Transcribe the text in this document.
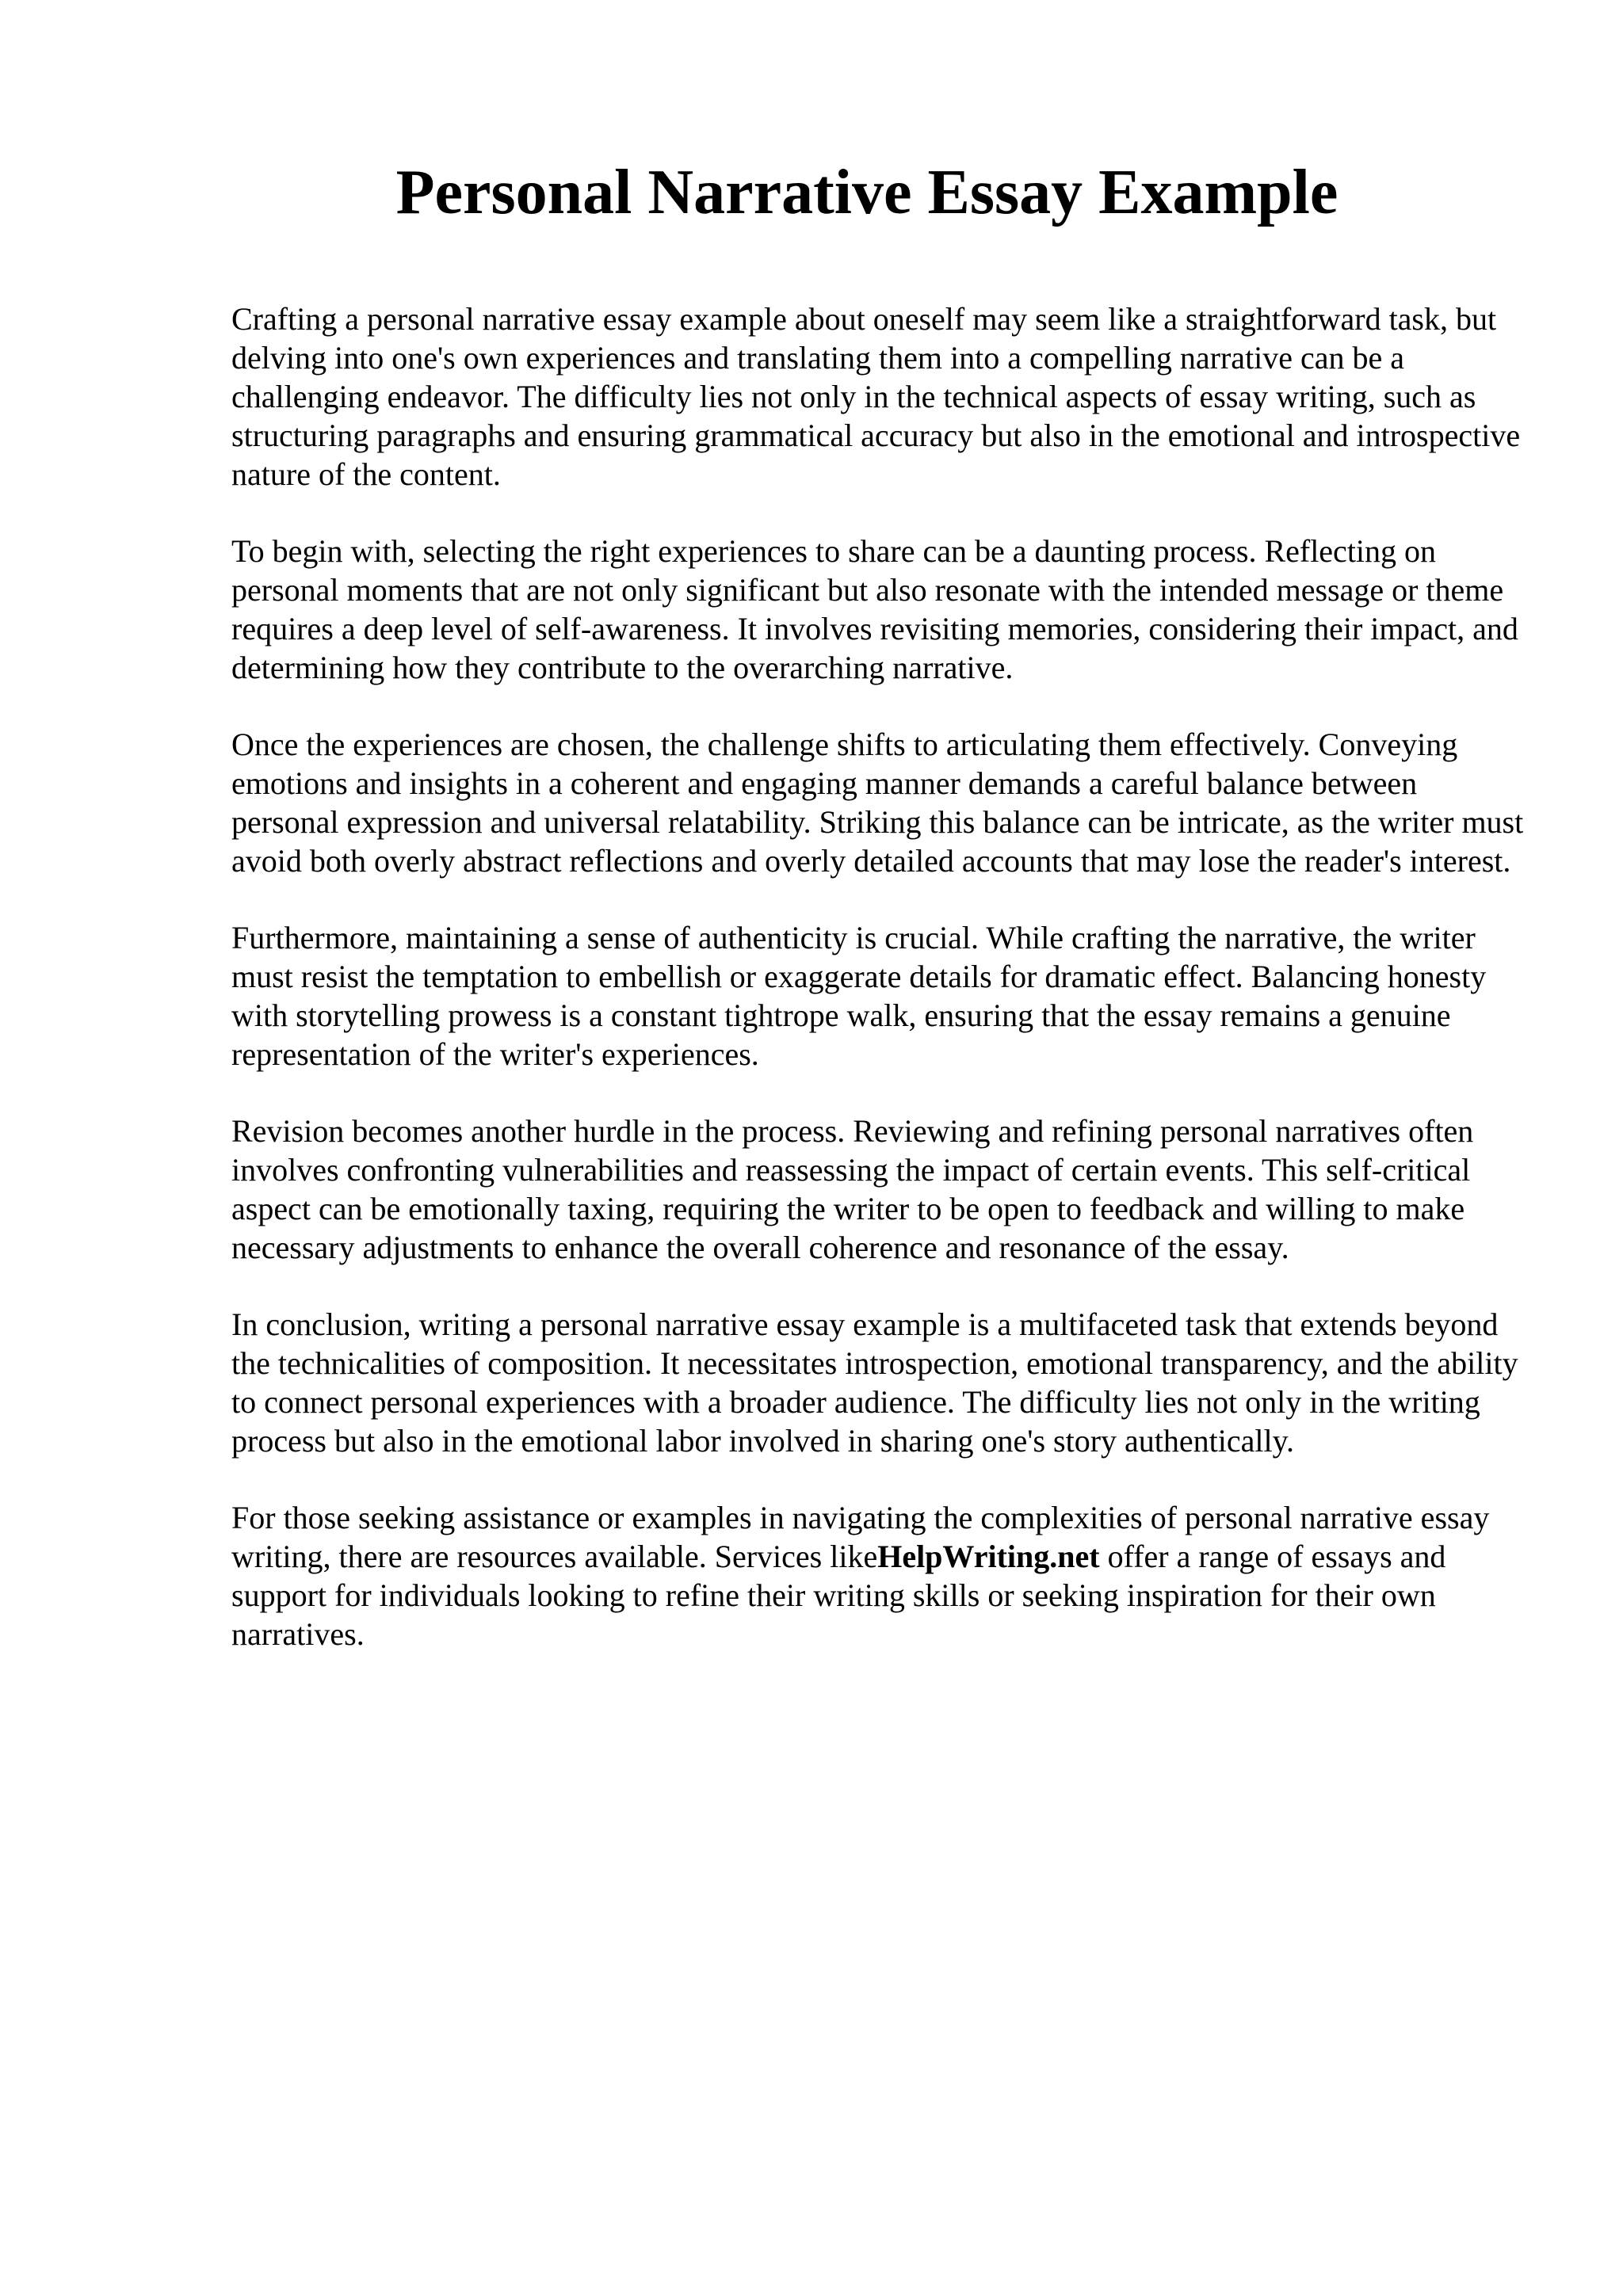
Personal Narrative Essay Example

Crafting a personal narrative essay example about oneself may seem like a straightforward task, but delving into one's own experiences and translating them into a compelling narrative can be a challenging endeavor. The difficulty lies not only in the technical aspects of essay writing, such as structuring paragraphs and ensuring grammatical accuracy but also in the emotional and introspective nature of the content.

To begin with, selecting the right experiences to share can be a daunting process. Reflecting on personal moments that are not only significant but also resonate with the intended message or theme requires a deep level of self-awareness. It involves revisiting memories, considering their impact, and determining how they contribute to the overarching narrative.

Once the experiences are chosen, the challenge shifts to articulating them effectively. Conveying emotions and insights in a coherent and engaging manner demands a careful balance between personal expression and universal relatability. Striking this balance can be intricate, as the writer must avoid both overly abstract reflections and overly detailed accounts that may lose the reader's interest.

Furthermore, maintaining a sense of authenticity is crucial. While crafting the narrative, the writer must resist the temptation to embellish or exaggerate details for dramatic effect. Balancing honesty with storytelling prowess is a constant tightrope walk, ensuring that the essay remains a genuine representation of the writer's experiences.

Revision becomes another hurdle in the process. Reviewing and refining personal narratives often involves confronting vulnerabilities and reassessing the impact of certain events. This self-critical aspect can be emotionally taxing, requiring the writer to be open to feedback and willing to make necessary adjustments to enhance the overall coherence and resonance of the essay.

In conclusion, writing a personal narrative essay example is a multifaceted task that extends beyond the technicalities of composition. It necessitates introspection, emotional transparency, and the ability to connect personal experiences with a broader audience. The difficulty lies not only in the writing process but also in the emotional labor involved in sharing one's story authentically.

For those seeking assistance or examples in navigating the complexities of personal narrative essay writing, there are resources available. Services likeHelpWriting.net offer a range of essays and support for individuals looking to refine their writing skills or seeking inspiration for their own narratives.
